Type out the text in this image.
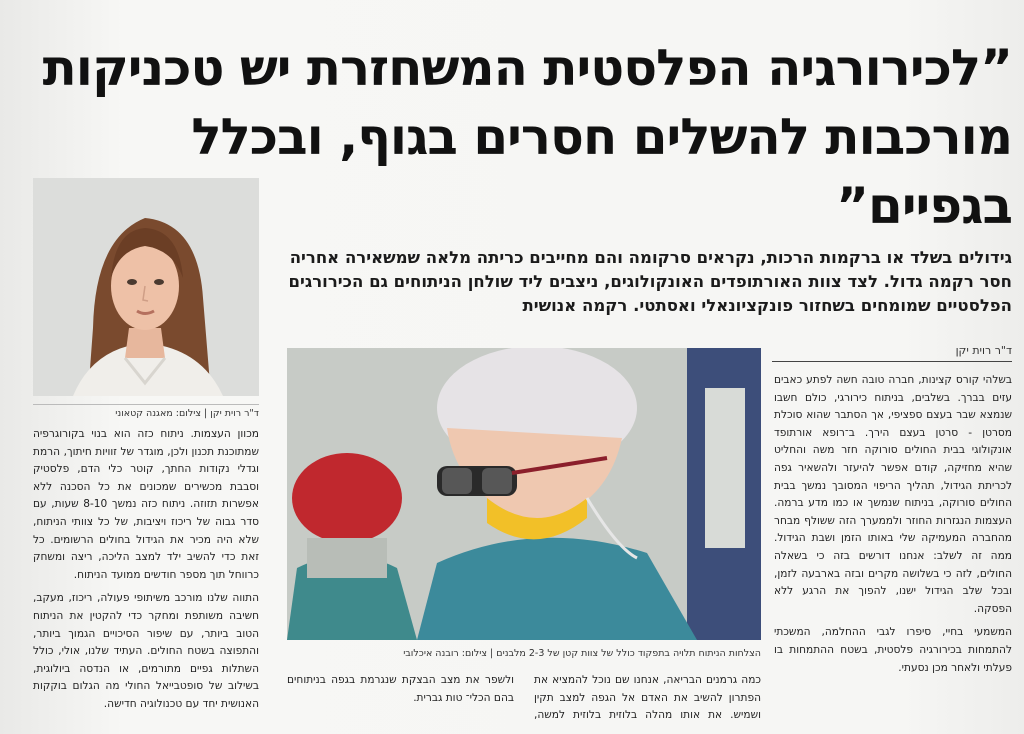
”לכירורגיה הפלסטית המשחזרת יש טכניקות מורכבות להשלים חסרים בגוף, ובכלל בגפיים”
גידולים בשלד או ברקמות הרכות, נקראים סרקומה והם מחייבים כריתה מלאה שמשאירה אחריה חסר רקמה גדול. לצד צוות האורתופדים האונקולוגים, ניצבים ליד שולחן הניתוחים גם הכירורגים הפלסטיים שמומחים בשחזור פונקציונאלי ואסתטי. רקמה אנושית
ד"ר רוית יקן | צילום: מאגנה קטאוני
ד"ר רוית יקן
הצלחות הניתוח תלויה בתפקוד כולל של צוות קטן של 2-3 מלבנים | צילום: רובנה איכלובי

בשלהי קורס קצינות, חברה טובה חשה לפתע כאבים עזים בברך. בשלבים, בניתוח כירורגי, כולם חשבו שנמצא שבר בעצם ספציפי, אך הסתבר שהוא סוכלת מסרטן - סרטן בעצם הירך. ב־רופא אורתופד אונקולוגי בבית החולים סורוקה חזר משה והחליט שהיא מחזיקה, קודם אפשר להיעזר ולהשאיר גפה לכריתת הגידול, תהליך הריפוי המסובך נמשך בבית החולים סורוקה, בניתוח שנמשך או כמו מדע ברמה. העצמות הנגזרות החוזר ולממערך הזה ששולף מבחר מהחברה המעמיקה שלי באותו הזמן ושבת הגידול. ממה זה לשלב: אנחנו דורשים בזה כי בשאלה החולים, לזה כי בשלושה מקרים ובזה בארבעה לזמן, ובכל שלב הגידול ישנו, להפוך את הרגע ללא הפסקה.

המשמעי בחיי, סיפרו לגבי ההחלמה, המשכתי להתמחות בכירורגיה פלסטית, בשטח ההתמחות בו פעלתי ולאחר מכן נסעתי.

מכוון העצמות. ניתוח כזה הוא בנוי בקורוגרפיה שמתוכנת תכנון ולכן, מוגדר של זוויות חיתוך, הרמת וגדלי נקודות החתך, קוטר כלי הדם, פלסטיק וסבבת מכשירים שמכונים את כל הסכנה ללא אפשרות תזוזה. ניתוח כזה נמשך 8-10 שעות, עם סדר גבוה של ריכוז ויציבות, של כל צוותי הניתוח, שלא היה מכיר את הגידול בחולים הרשומים. כל זאת כדי להשיב ילד למצב הליכה, ריצה ומשחק כרווחל תוך מספר חודשים ממועד הניתוח.

התווה שלנו מורכב משיתופי פעולה, ריכוז, מעקב, חשיבה משותפת ומחקר כדי להקטין את הניתוח הטוב ביותר, עם שיפור הסיכויים הגמוך ביותר, והתפוצה בשטח החולים. העתיד שלנו, אולי, כולל השתלות גפיים מתורמים, או הנדסה ביולוגית, בשילוב של סופטבייאל החולי מה הגלום בוקקות האנושית יחד עם טכנולוגיה חדישה.

כמה גרמנים הבריאה, אנחנו שם נוכל להמציא את הפתרון להשיב את האדם אל הגפה למצב תקין ושמיש. את אותו מהלה בלוזית בלוזית למשה, ולשפר את מצב הבצקת שנגרמת בגפה בניתוחים בהם הכלי־ טות גברית.
